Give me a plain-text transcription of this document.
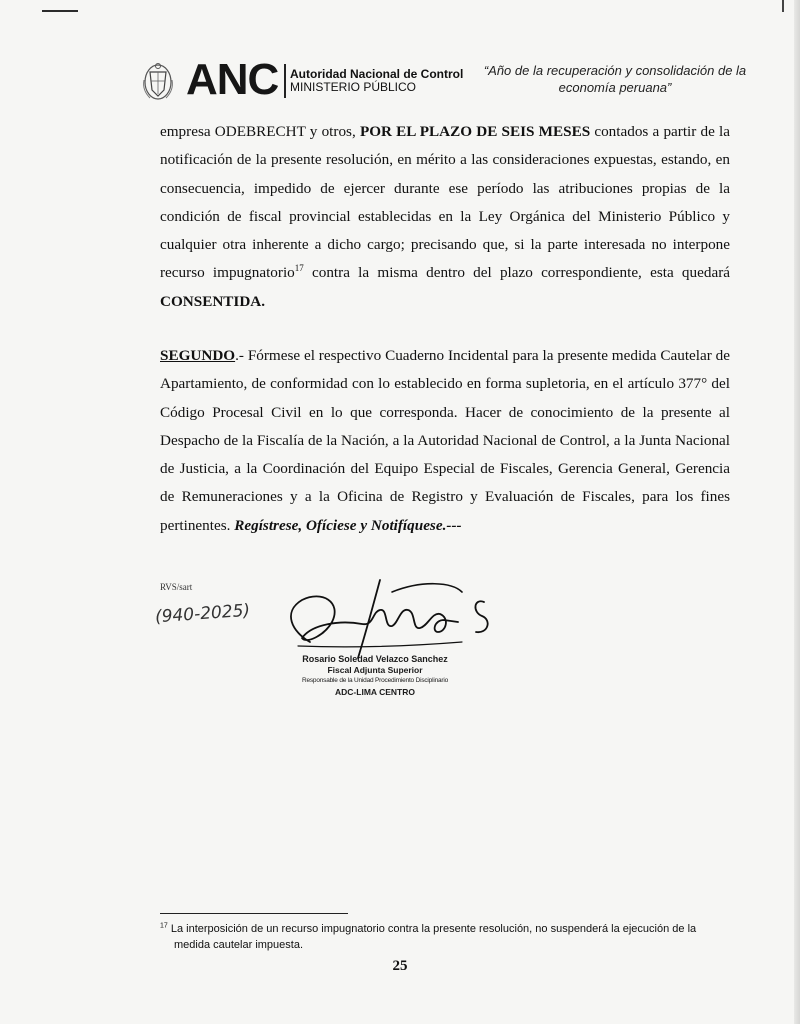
ANC Autoridad Nacional de Control
MINISTERIO PÚBLICO
“Año de la recuperación y consolidación de la
economía peruana”

empresa ODEBRECHT y otros, POR EL PLAZO DE SEIS MESES contados a partir de la notificación de la presente resolución, en mérito a las consideraciones expuestas, estando, en consecuencia, impedido de ejercer durante ese período las atribuciones propias de la condición de fiscal provincial establecidas en la Ley Orgánica del Ministerio Público y cualquier otra inherente a dicho cargo; precisando que, si la parte interesada no interpone recurso impugnatorio$^{17}$ contra la misma dentro del plazo correspondiente, esta quedará CONSENTIDA.

SEGUNDO.- Fórmese el respectivo Cuaderno Incidental para la presente medida Cautelar de Apartamiento, de conformidad con lo establecido en forma supletoria, en el artículo 377° del Código Procesal Civil en lo que corresponda. Hacer de conocimiento de la presente al Despacho de la Fiscalía de la Nación, a la Autoridad Nacional de Control, a la Junta Nacional de Justicia, a la Coordinación del Equipo Especial de Fiscales, Gerencia General, Gerencia de Remuneraciones y a la Oficina de Registro y Evaluación de Fiscales, para los fines pertinentes. Regístrese, Ofíciese y Notifíquese.---

RVS/sart
(940-2025)
Rosario Soledad Velazco Sanchez
Fiscal Adjunta Superior
Responsable de la Unidad Procedimiento Disciplinario
ADC-LIMA CENTRO
$^{17}$ La interposición de un recurso impugnatorio contra la presente resolución, no suspenderá la ejecución de la
medida cautelar impuesta.
25
